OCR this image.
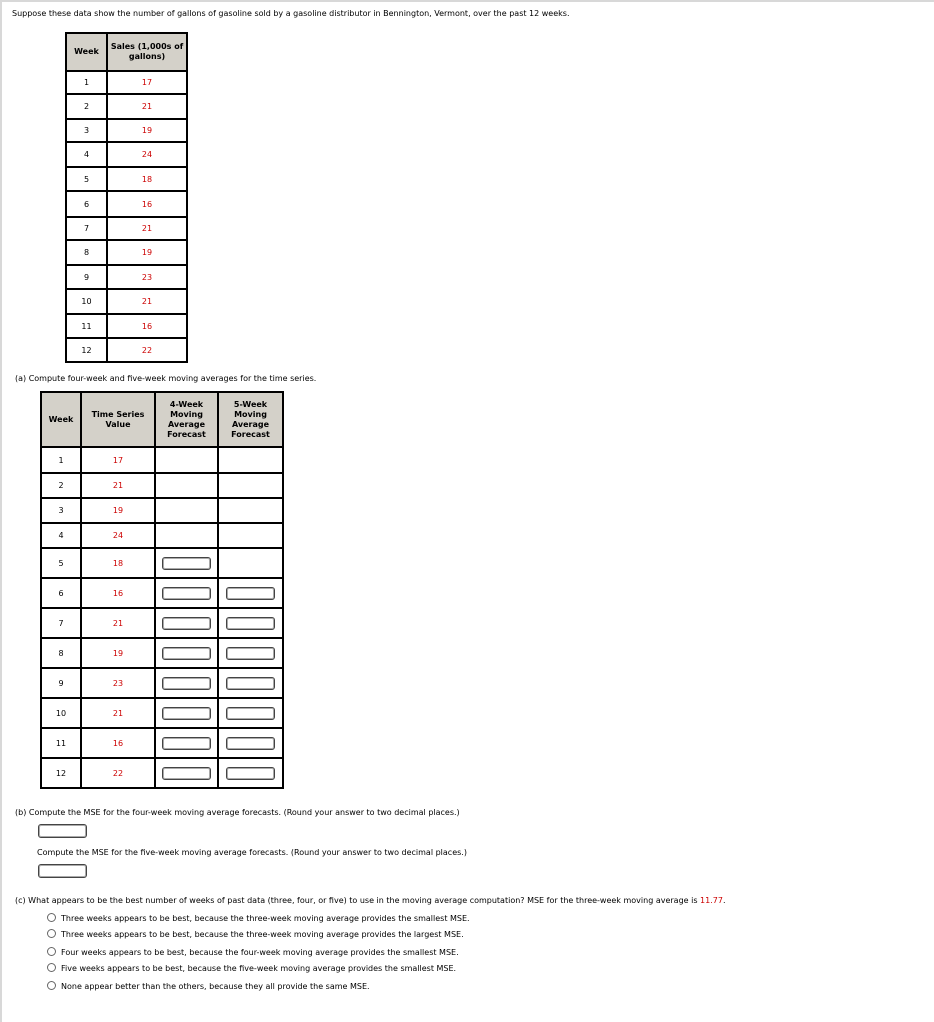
Suppose these data show the number of gallons of gasoline sold by a gasoline distributor in Bennington, Vermont, over the past 12 weeks.
Week	Sales (1,000s of gallons)
1	17
2	21
3	19
4	24
5	18
6	16
7	21
8	19
9	23
10	21
11	16
12	22
(a) Compute four-week and five-week moving averages for the time series.
Week	Time Series Value	4-Week Moving Average Forecast	5-Week Moving Average Forecast
1	17		
2	21		
3	19		
4	24		
5	18		
6	16		
7	21		
8	19		
9	23		
10	21		
11	16		
12	22		
(b) Compute the MSE for the four-week moving average forecasts. (Round your answer to two decimal places.)
Compute the MSE for the five-week moving average forecasts. (Round your answer to two decimal places.)
(c) What appears to be the best number of weeks of past data (three, four, or five) to use in the moving average computation? MSE for the three-week moving average is 11.77.
Three weeks appears to be best, because the three-week moving average provides the smallest MSE.
Three weeks appears to be best, because the three-week moving average provides the largest MSE.
Four weeks appears to be best, because the four-week moving average provides the smallest MSE.
Five weeks appears to be best, because the five-week moving average provides the smallest MSE.
None appear better than the others, because they all provide the same MSE.
